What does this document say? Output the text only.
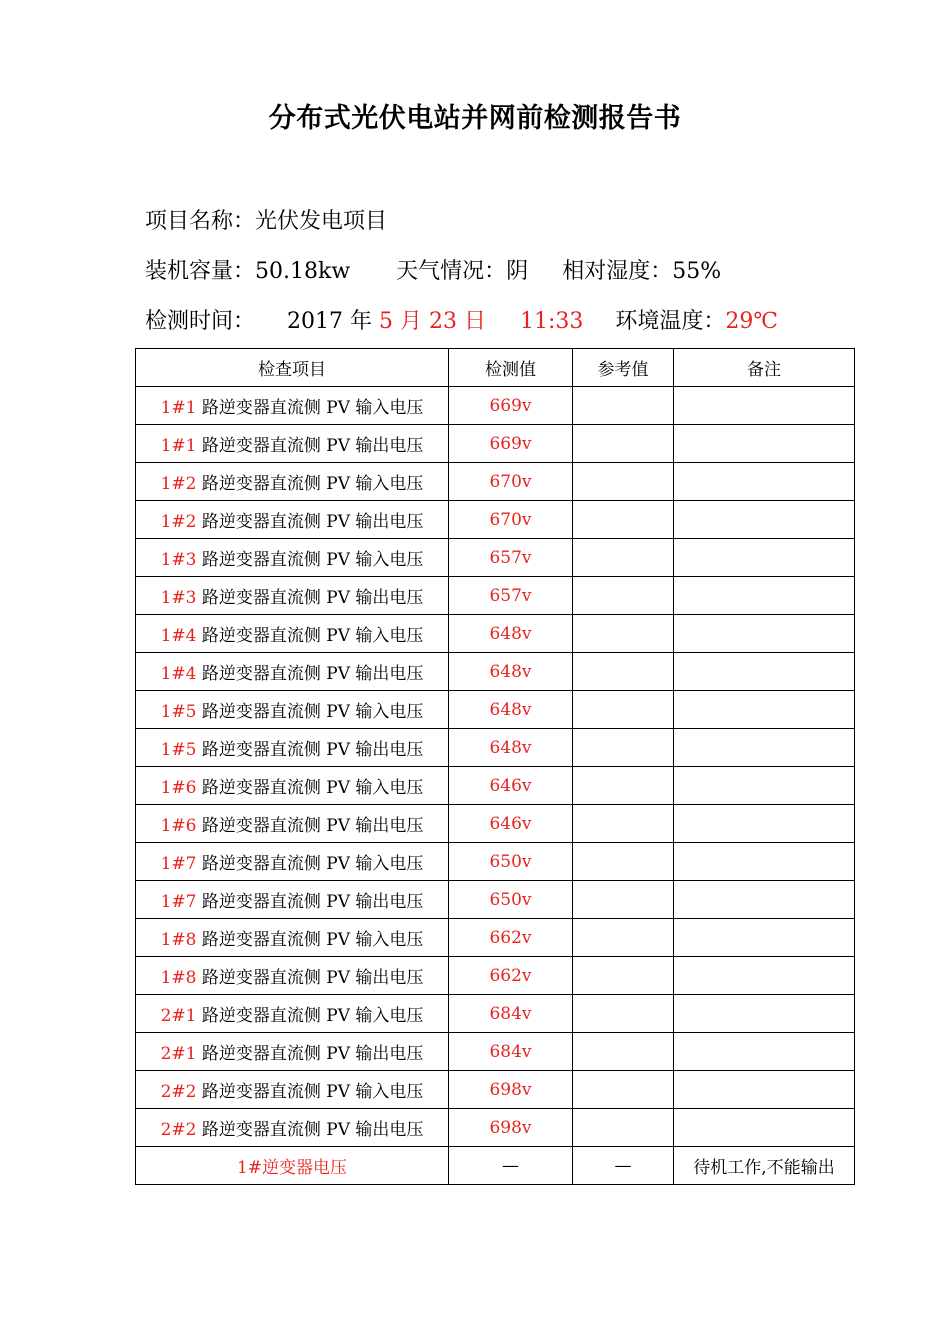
分布式光伏电站并网前检测报告书
项目名称：光伏发电项目
装机容量：50.18kw 天气情况：阴 相对湿度：55%
检测时间： 2017 年 5 月 23 日 11:33 环境温度：29℃
检查项目	检测值	参考值	备注
1#1 路逆变器直流侧 PV 输入电压	669v		
1#1 路逆变器直流侧 PV 输出电压	669v		
1#2 路逆变器直流侧 PV 输入电压	670v		
1#2 路逆变器直流侧 PV 输出电压	670v		
1#3 路逆变器直流侧 PV 输入电压	657v		
1#3 路逆变器直流侧 PV 输出电压	657v		
1#4 路逆变器直流侧 PV 输入电压	648v		
1#4 路逆变器直流侧 PV 输出电压	648v		
1#5 路逆变器直流侧 PV 输入电压	648v		
1#5 路逆变器直流侧 PV 输出电压	648v		
1#6 路逆变器直流侧 PV 输入电压	646v		
1#6 路逆变器直流侧 PV 输出电压	646v		
1#7 路逆变器直流侧 PV 输入电压	650v		
1#7 路逆变器直流侧 PV 输出电压	650v		
1#8 路逆变器直流侧 PV 输入电压	662v		
1#8 路逆变器直流侧 PV 输出电压	662v		
2#1 路逆变器直流侧 PV 输入电压	684v		
2#1 路逆变器直流侧 PV 输出电压	684v		
2#2 路逆变器直流侧 PV 输入电压	698v		
2#2 路逆变器直流侧 PV 输出电压	698v		
1#逆变器电压	—	—	待机工作,不能输出
